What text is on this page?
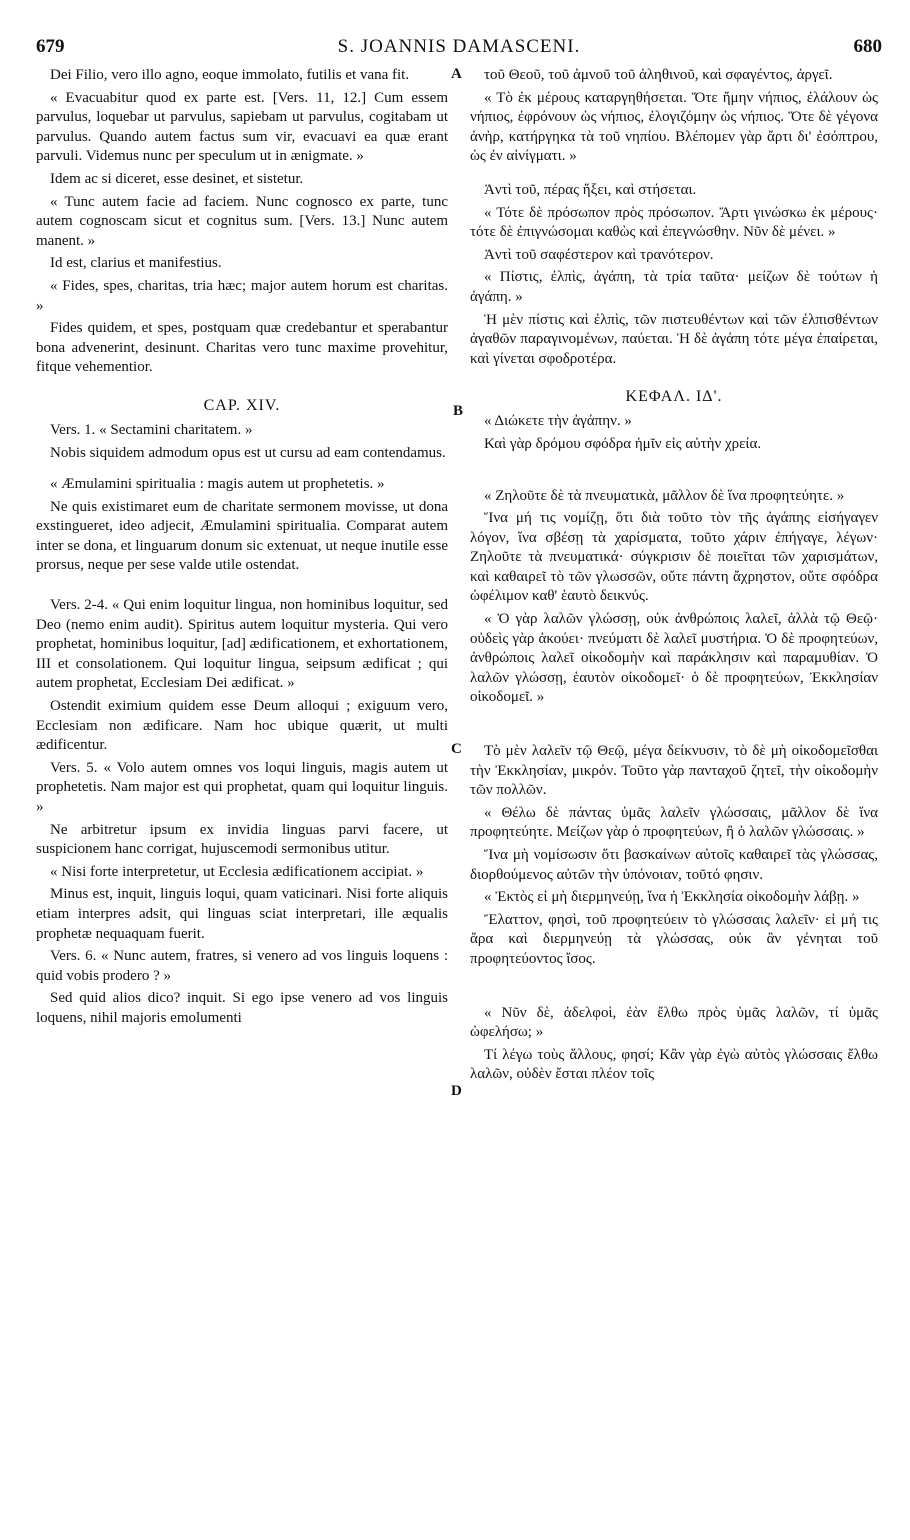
679	S. JOANNIS DAMASCENI.	680

Dei Filio, vero illo agno, eoque immolato, futilis et vana fit.

« Evacuabitur quod ex parte est. [Vers. 11, 12.] Cum essem parvulus, loquebar ut parvulus, sapiebam ut parvulus, cogitabam ut parvulus. Quando autem factus sum vir, evacuavi ea quæ erant parvuli. Videmus nunc per speculum ut in ænigmate. »

Idem ac si diceret, esse desinet, et sistetur.

« Tunc autem facie ad faciem. Nunc cognosco ex parte, tunc autem cognoscam sicut et cognitus sum. [Vers. 13.] Nunc autem manent. »

Id est, clarius et manifestius.

« Fides, spes, charitas, tria hæc; major autem horum est charitas. »

Fides quidem, et spes, postquam quæ credebantur et sperabantur bona advenerint, desinunt. Charitas vero tunc maxime provehitur, fitque vehementior.

CAP. XIV.

Vers. 1. « Sectamini charitatem. »

Nobis siquidem admodum opus est ut cursu ad eam contendamus.

« Æmulamini spiritualia : magis autem ut prophetetis. »

Ne quis existimaret eum de charitate sermonem movisse, ut dona exstingueret, ideo adjecit, Æmulamini spiritualia. Comparat autem inter se dona, et linguarum donum sic extenuat, ut neque inutile esse prorsus, neque per sese valde utile ostendat.

Vers. 2-4. « Qui enim loquitur lingua, non hominibus loquitur, sed Deo (nemo enim audit). Spiritus autem loquitur mysteria. Qui vero prophetat, hominibus loquitur, [ad] ædificationem, et exhortationem, III et consolationem. Qui loquitur lingua, seipsum ædificat ; qui autem prophetat, Ecclesiam Dei ædificat. »

Ostendit eximium quidem esse Deum alloqui ; exiguum vero, Ecclesiam non ædificare. Nam hoc ubique quærit, ut multi ædificentur.

Vers. 5. « Volo autem omnes vos loqui linguis, magis autem ut prophetetis. Nam major est qui prophetat, quam qui loquitur linguis. »

Ne arbitretur ipsum ex invidia linguas parvi facere, ut suspicionem hanc corrigat, hujuscemodi sermonibus utitur.

« Nisi forte interpretetur, ut Ecclesia ædificationem accipiat. »

Minus est, inquit, linguis loqui, quam vaticinari. Nisi forte aliquis etiam interpres adsit, qui linguas sciat interpretari, ille æqualis prophetæ nequaquam fuerit.

Vers. 6. « Nunc autem, fratres, si venero ad vos linguis loquens : quid vobis prodero ? »

Sed quid alios dico? inquit. Si ego ipse venero ad vos linguis loquens, nihil majoris emolumenti

τοῦ Θεοῦ, τοῦ ἀμνοῦ τοῦ ἀληθινοῦ, καὶ σφαγέντος, ἀργεῖ.

« Τὸ ἐκ μέρους καταργηθήσεται. Ὅτε ἤμην νήπιος, ἐλάλουν ὡς νήπιος, ἐφρόνουν ὡς νήπιος, ἐλογιζόμην ὡς νήπιος. Ὅτε δὲ γέγονα ἀνὴρ, κατήργηκα τὰ τοῦ νηπίου. Βλέπομεν γὰρ ἄρτι δι' ἐσόπτρου, ὡς ἐν αἰνίγματι. »

Ἀντὶ τοῦ, πέρας ἥξει, καὶ στήσεται.

« Τότε δὲ πρόσωπον πρὸς πρόσωπον. Ἄρτι γινώσκω ἐκ μέρους· τότε δὲ ἐπιγνώσομαι καθὼς καὶ ἐπεγνώσθην. Νῦν δὲ μένει. »

Ἀντὶ τοῦ σαφέστερον καὶ τρανότερον.

« Πίστις, ἐλπὶς, ἀγάπη, τὰ τρία ταῦτα· μείζων δὲ τούτων ἡ ἀγάπη. »

Ἡ μὲν πίστις καὶ ἐλπὶς, τῶν πιστευθέντων καὶ τῶν ἐλπισθέντων ἀγαθῶν παραγινομένων, παύεται. Ἡ δὲ ἀγάπη τότε μέγα ἐπαίρεται, καὶ γίνεται σφοδροτέρα.

ΚΕΦΑΛ. ΙΔ'.

« Διώκετε τὴν ἀγάπην. »

Καὶ γὰρ δρόμου σφόδρα ἡμῖν εἰς αὐτὴν χρεία.

« Ζηλοῦτε δὲ τὰ πνευματικὰ, μᾶλλον δὲ ἵνα προφητεύητε. »

Ἵνα μή τις νομίζῃ, ὅτι διὰ τοῦτο τὸν τῆς ἀγάπης εἰσήγαγεν λόγον, ἵνα σβέσῃ τὰ χαρίσματα, τοῦτο χάριν ἐπήγαγε, λέγων· Ζηλοῦτε τὰ πνευματικά· σύγκρισιν δὲ ποιεῖται τῶν χαρισμάτων, καὶ καθαιρεῖ τὸ τῶν γλωσσῶν, οὔτε πάντη ἄχρηστον, οὔτε σφόδρα ὠφέλιμον καθ' ἑαυτὸ δεικνύς.

« Ὁ γὰρ λαλῶν γλώσσῃ, οὐκ ἀνθρώποις λαλεῖ, ἀλλὰ τῷ Θεῷ· οὐδεὶς γὰρ ἀκούει· πνεύματι δὲ λαλεῖ μυστήρια. Ὁ δὲ προφητεύων, ἀνθρώποις λαλεῖ οἰκοδομὴν καὶ παράκλησιν καὶ παραμυθίαν. Ὁ λαλῶν γλώσσῃ, ἑαυτὸν οἰκοδομεῖ· ὁ δὲ προφητεύων, Ἐκκλησίαν οἰκοδομεῖ. »

Τὸ μὲν λαλεῖν τῷ Θεῷ, μέγα δείκνυσιν, τὸ δὲ μὴ οἰκοδομεῖσθαι τὴν Ἐκκλησίαν, μικρόν. Τοῦτο γὰρ πανταχοῦ ζητεῖ, τὴν οἰκοδομὴν τῶν πολλῶν.

« Θέλω δὲ πάντας ὑμᾶς λαλεῖν γλώσσαις, μᾶλλον δὲ ἵνα προφητεύητε. Μείζων γὰρ ὁ προφητεύων, ἢ ὁ λαλῶν γλώσσαις. »

Ἵνα μὴ νομίσωσιν ὅτι βασκαίνων αὐτοῖς καθαιρεῖ τὰς γλώσσας, διορθούμενος αὐτῶν τὴν ὑπόνοιαν, τοῦτό φησιν.

« Ἐκτὸς εἰ μὴ διερμηνεύῃ, ἵνα ἡ Ἐκκλησία οἰκοδομὴν λάβῃ. »

Ἔλαττον, φησὶ, τοῦ προφητεύειν τὸ γλώσσαις λαλεῖν· εἰ μή τις ἄρα καὶ διερμηνεύῃ τὰ γλώσσας, οὐκ ἂν γένηται τοῦ προφητεύοντος ἴσος.

« Νῦν δὲ, ἀδελφοὶ, ἐὰν ἔλθω πρὸς ὑμᾶς λαλῶν, τί ὑμᾶς ὠφελήσω; »

Τί λέγω τοὺς ἄλλους, φησί; Κἂν γὰρ ἐγὼ αὐτὸς γλώσσαις ἔλθω λαλῶν, οὐδὲν ἔσται πλέον τοῖς

A
B
C
D
